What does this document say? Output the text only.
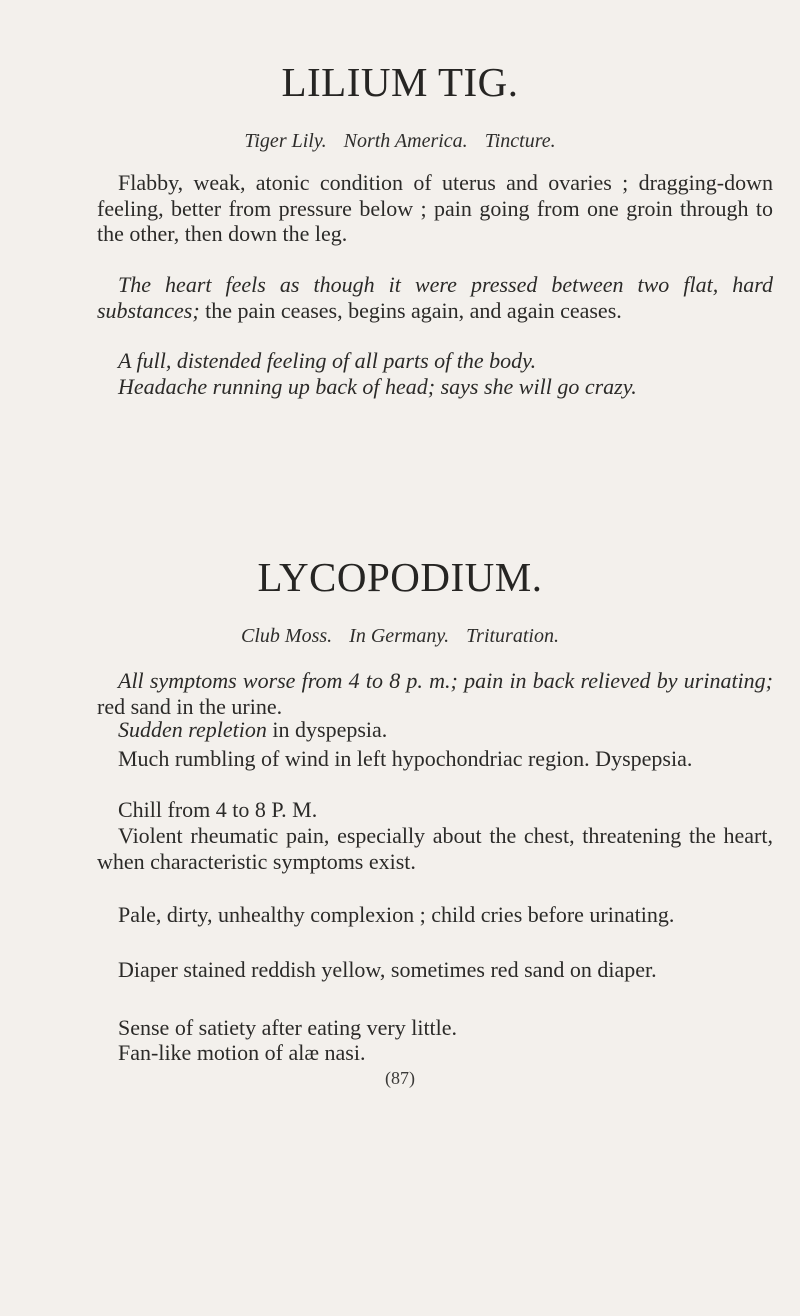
LILIUM TIG.

Tiger Lily. North America. Tincture.

Flabby, weak, atonic condition of uterus and ovaries ; dragging-down feeling, better from pressure below ; pain going from one groin through to the other, then down the leg.

The heart feels as though it were pressed between two flat, hard substances; the pain ceases, begins again, and again ceases.

A full, distended feeling of all parts of the body.

Headache running up back of head; says she will go crazy.

LYCOPODIUM.

Club Moss. In Germany. Trituration.

All symptoms worse from 4 to 8 p. m.; pain in back relieved by urinating; red sand in the urine.

Sudden repletion in dyspepsia.

Much rumbling of wind in left hypochondriac region. Dyspepsia.

Chill from 4 to 8 P. M.

Violent rheumatic pain, especially about the chest, threatening the heart, when characteristic symptoms exist.

Pale, dirty, unhealthy complexion ; child cries before urinating.

Diaper stained reddish yellow, sometimes red sand on diaper.

Sense of satiety after eating very little.

Fan-like motion of alæ nasi.

(87)
